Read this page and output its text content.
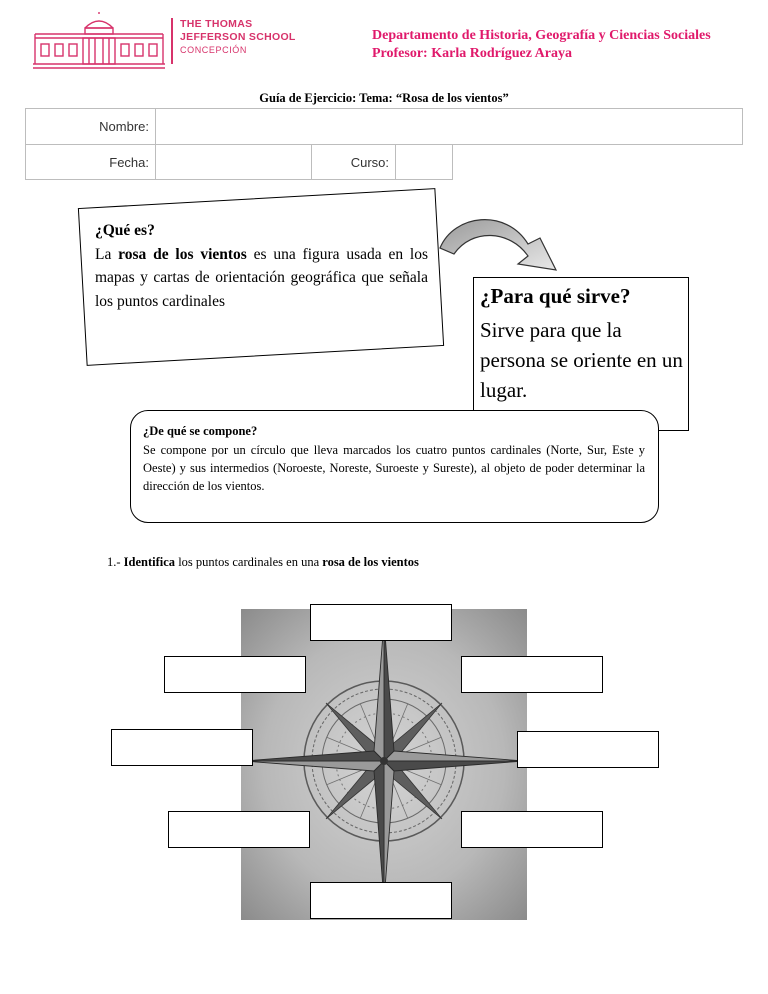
THE THOMAS
JEFFERSON SCHOOL
CONCEPCIÓN
Departamento de Historia, Geografía y Ciencias Sociales
Profesor: Karla Rodríguez Araya
Guía de Ejercicio: Tema: “Rosa de los vientos”
Nombre:
Fecha:	Curso:
¿Qué es?
La rosa de los vientos es una figura usada en los mapas y cartas de orientación geográfica que señala los puntos cardinales	¿Para qué sirve?
Sirve para que la persona se oriente en un lugar.
¿De qué se compone?
Se compone por un círculo que lleva marcados los cuatro puntos cardinales (Norte, Sur, Este y Oeste) y sus intermedios (Noroeste, Noreste, Suroeste y Sureste), al objeto de poder determinar la dirección de los vientos.
1.- Identifica los puntos cardinales en una rosa de los vientos
